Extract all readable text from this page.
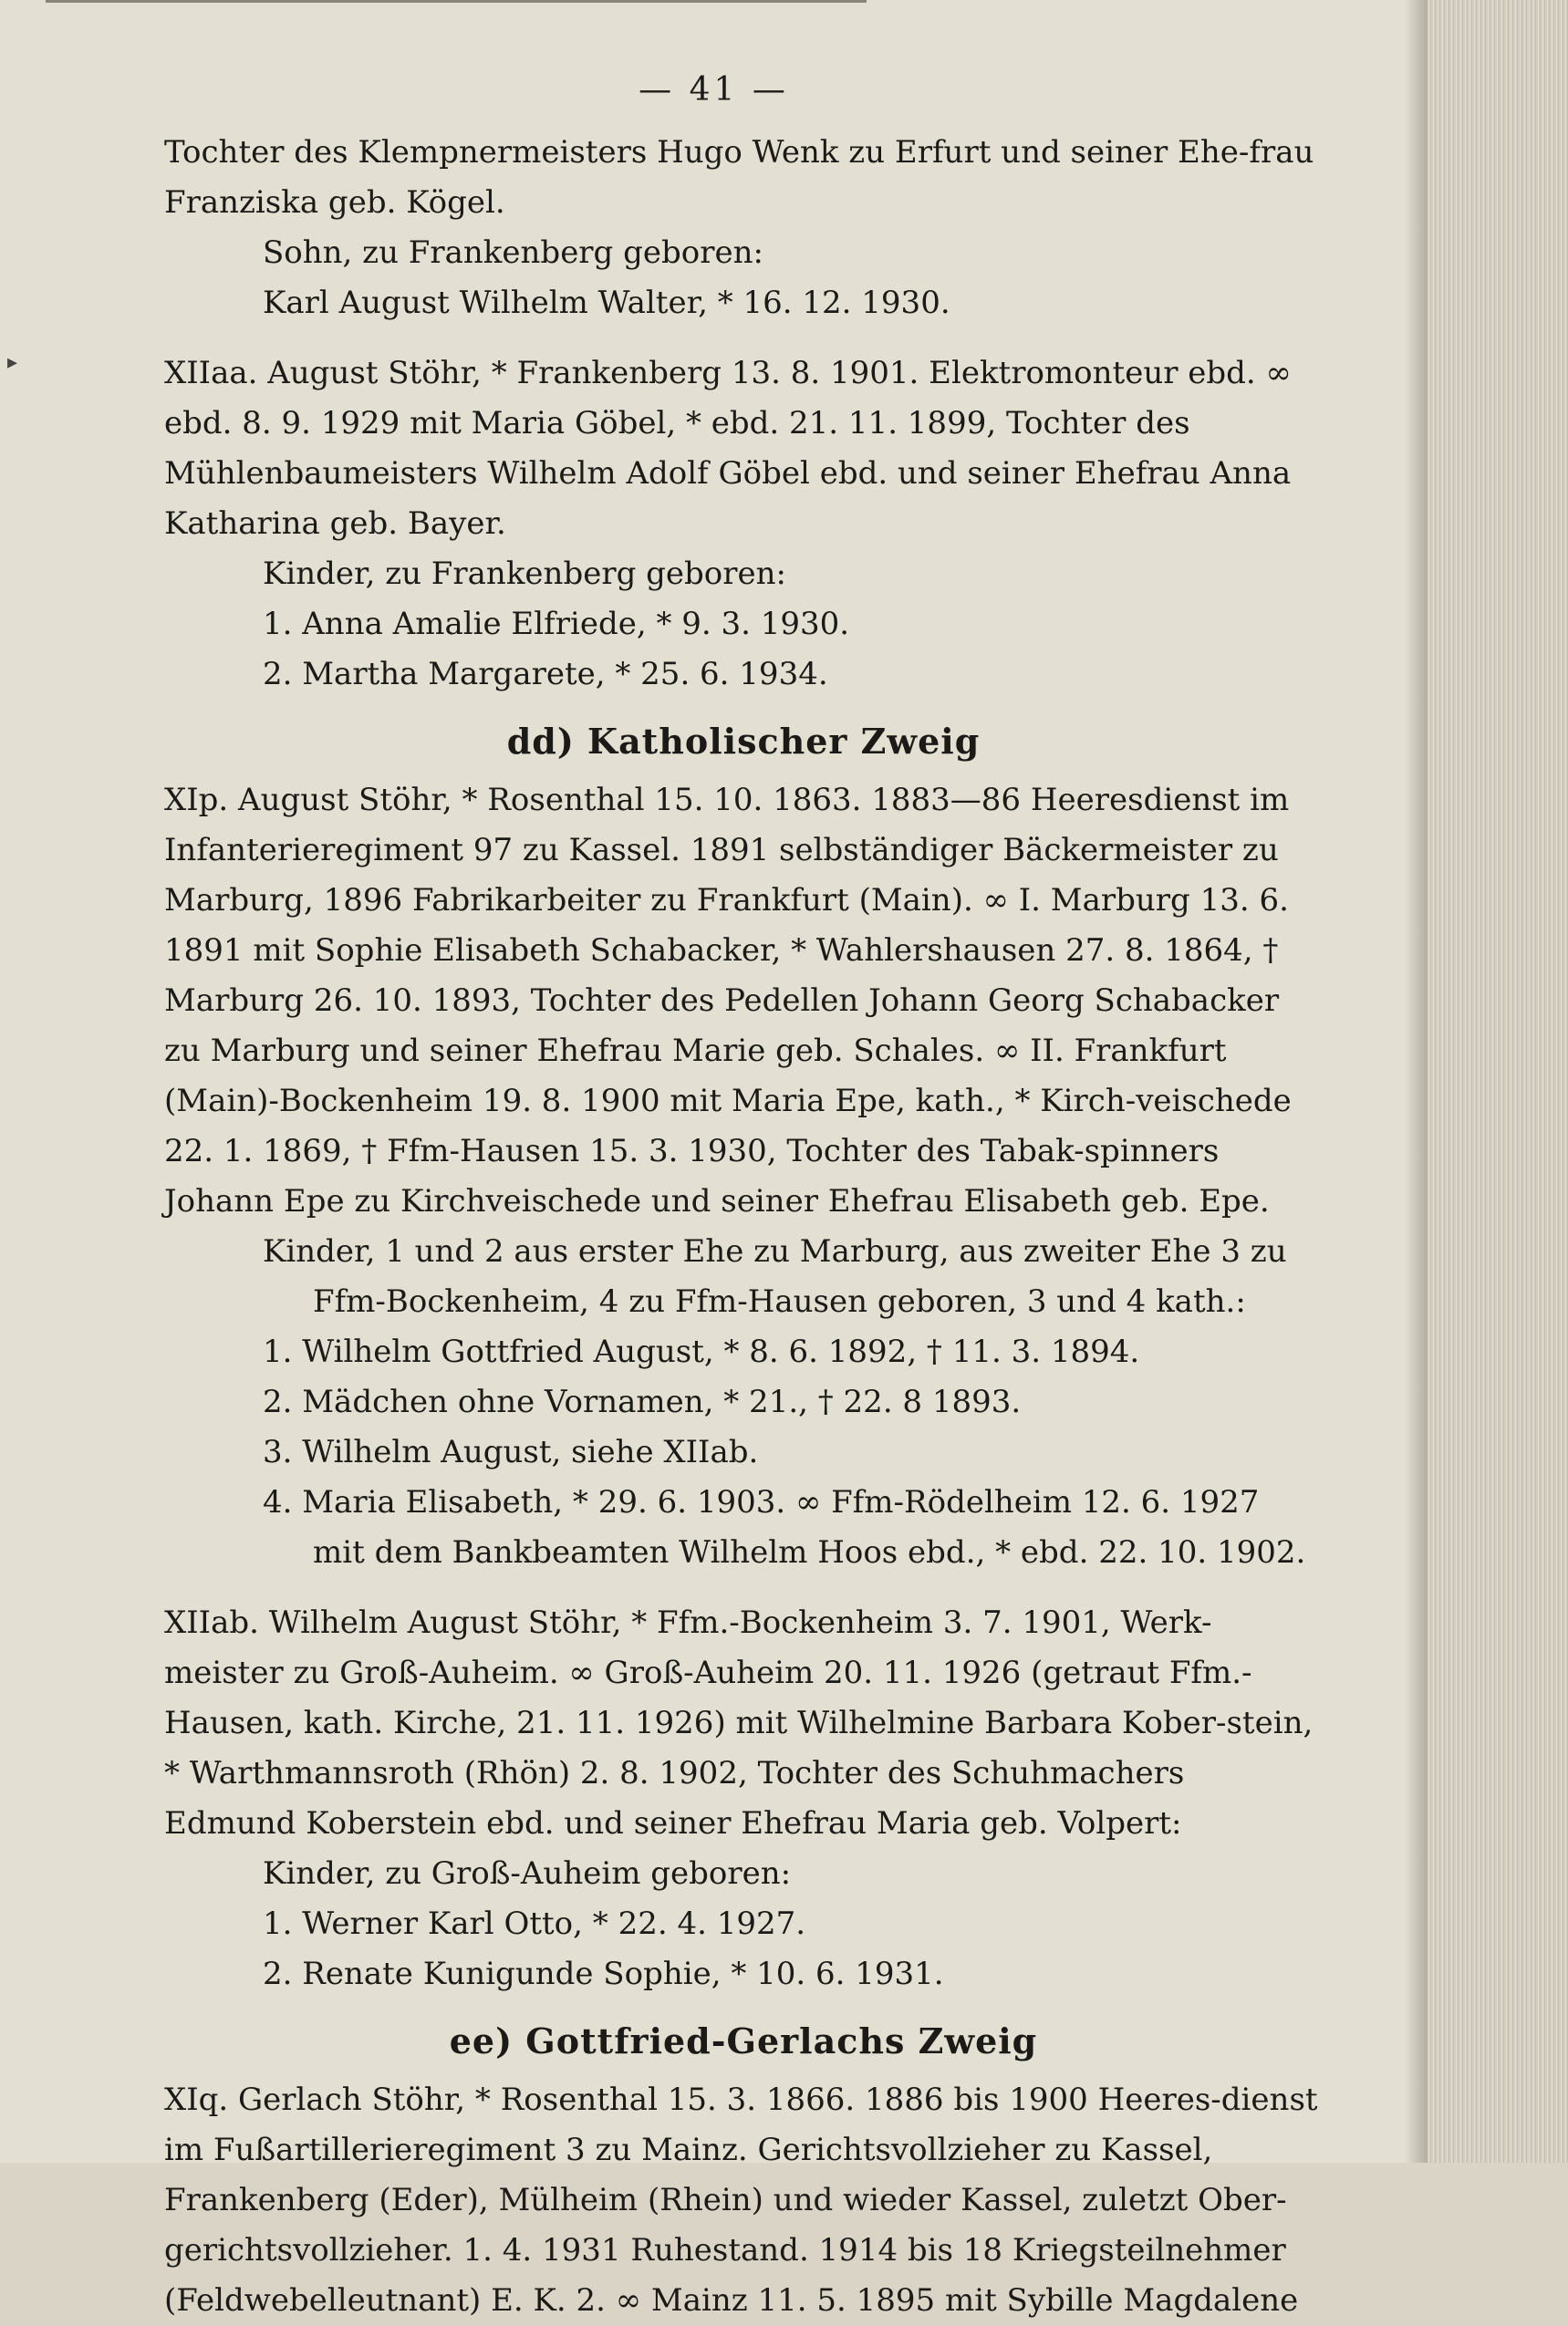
— 41 —
▸

Tochter des Klempnermeisters Hugo Wenk zu Erfurt und seiner Ehe-frau Franziska geb. Kögel.

Sohn, zu Frankenberg geboren:

Karl August Wilhelm Walter, * 16. 12. 1930.

XIIaa. August Stöhr, * Frankenberg 13. 8. 1901. Elektromonteur ebd. ∞ ebd. 8. 9. 1929 mit Maria Göbel, * ebd. 21. 11. 1899, Tochter des Mühlenbaumeisters Wilhelm Adolf Göbel ebd. und seiner Ehefrau Anna Katharina geb. Bayer.

Kinder, zu Frankenberg geboren:

1. Anna Amalie Elfriede, * 9. 3. 1930.

2. Martha Margarete, * 25. 6. 1934.

dd) Katholischer Zweig

XIp. August Stöhr, * Rosenthal 15. 10. 1863. 1883—86 Heeresdienst im Infanterieregiment 97 zu Kassel. 1891 selbständiger Bäckermeister zu Marburg, 1896 Fabrikarbeiter zu Frankfurt (Main). ∞ I. Marburg 13. 6. 1891 mit Sophie Elisabeth Schabacker, * Wahlershausen 27. 8. 1864, † Marburg 26. 10. 1893, Tochter des Pedellen Johann Georg Schabacker zu Marburg und seiner Ehefrau Marie geb. Schales. ∞ II. Frankfurt (Main)-Bockenheim 19. 8. 1900 mit Maria Epe, kath., * Kirch-veischede 22. 1. 1869, † Ffm-Hausen 15. 3. 1930, Tochter des Tabak-spinners Johann Epe zu Kirchveischede und seiner Ehefrau Elisabeth geb. Epe.

Kinder, 1 und 2 aus erster Ehe zu Marburg, aus zweiter Ehe 3 zu Ffm-Bockenheim, 4 zu Ffm-Hausen geboren, 3 und 4 kath.:

1. Wilhelm Gottfried August, * 8. 6. 1892, † 11. 3. 1894.

2. Mädchen ohne Vornamen, * 21., † 22. 8 1893.

3. Wilhelm August, siehe XIIab.

4. Maria Elisabeth, * 29. 6. 1903. ∞ Ffm-Rödelheim 12. 6. 1927

mit dem Bankbeamten Wilhelm Hoos ebd., * ebd. 22. 10. 1902.

XIIab. Wilhelm August Stöhr, * Ffm.-Bockenheim 3. 7. 1901, Werk-meister zu Groß-Auheim. ∞ Groß-Auheim 20. 11. 1926 (getraut Ffm.-Hausen, kath. Kirche, 21. 11. 1926) mit Wilhelmine Barbara Kober-stein, * Warthmannsroth (Rhön) 2. 8. 1902, Tochter des Schuhmachers Edmund Koberstein ebd. und seiner Ehefrau Maria geb. Volpert:

Kinder, zu Groß-Auheim geboren:

1. Werner Karl Otto, * 22. 4. 1927.

2. Renate Kunigunde Sophie, * 10. 6. 1931.

ee) Gottfried-Gerlachs Zweig

XIq. Gerlach Stöhr, * Rosenthal 15. 3. 1866. 1886 bis 1900 Heeres-dienst im Fußartillerieregiment 3 zu Mainz. Gerichtsvollzieher zu Kassel, Frankenberg (Eder), Mülheim (Rhein) und wieder Kassel, zuletzt Ober-gerichtsvollzieher. 1. 4. 1931 Ruhestand. 1914 bis 18 Kriegsteilnehmer (Feldwebelleutnant) E. K. 2. ∞ Mainz 11. 5. 1895 mit Sybille Magdalene
